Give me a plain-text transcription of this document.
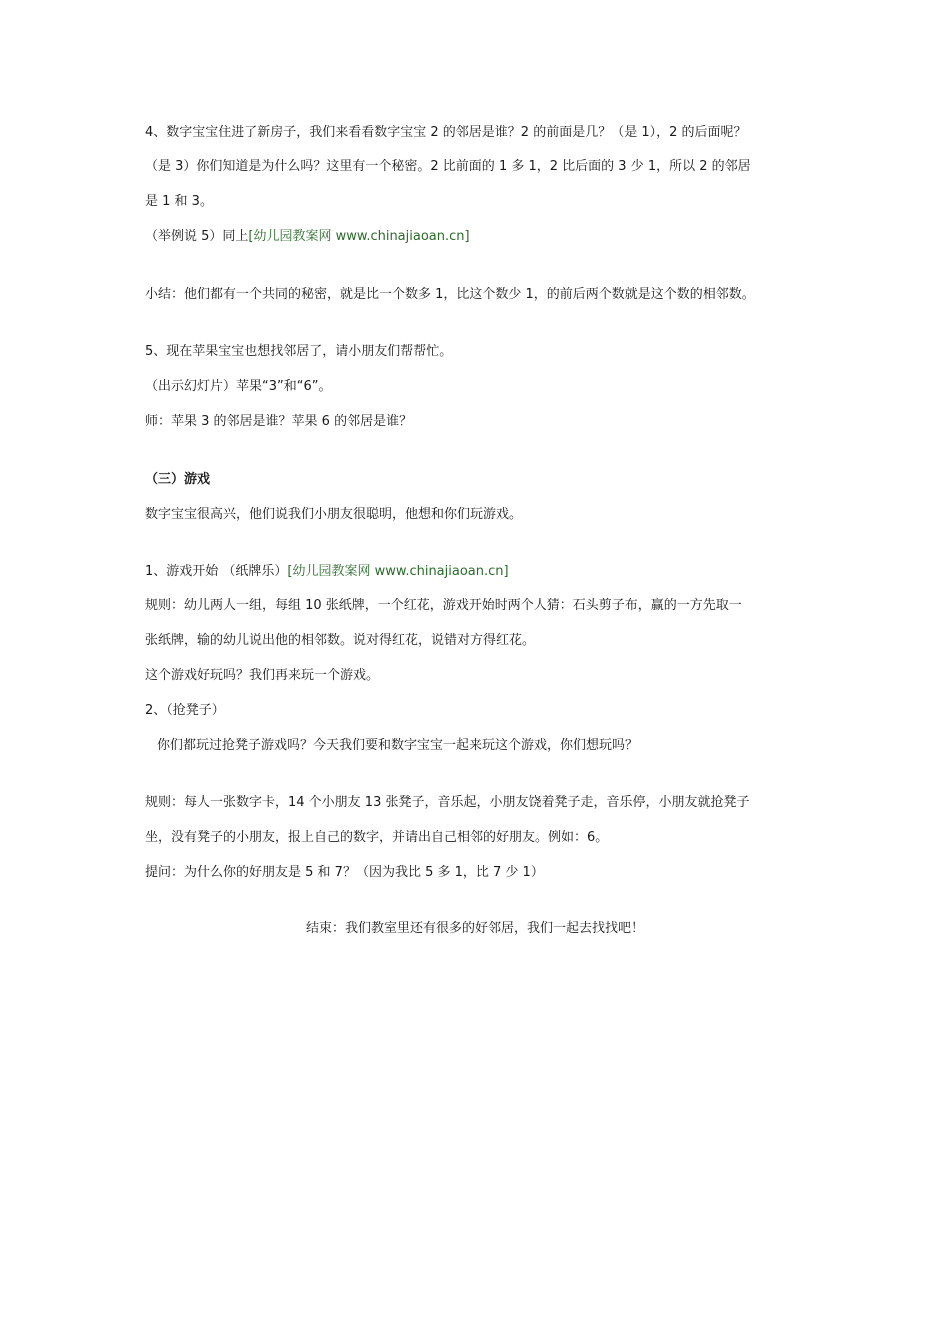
4、数字宝宝住进了新房子，我们来看看数字宝宝 2 的邻居是谁？2 的前面是几？（是 1），2 的后面呢？
（是 3）你们知道是为什么吗？这里有一个秘密。2 比前面的 1 多 1，2 比后面的 3 少 1，所以 2 的邻居
是 1 和 3。
（举例说 5）同上[幼儿园教案网 www.chinajiaoan.cn]
小结：他们都有一个共同的秘密，就是比一个数多 1，比这个数少 1，的前后两个数就是这个数的相邻数。
5、现在苹果宝宝也想找邻居了，请小朋友们帮帮忙。
（出示幻灯片）苹果“3”和“6”。
师：苹果 3 的邻居是谁？苹果 6 的邻居是谁？
（三）游戏
数字宝宝很高兴，他们说我们小朋友很聪明，他想和你们玩游戏。
1、游戏开始 （纸牌乐）[幼儿园教案网 www.chinajiaoan.cn]
规则：幼儿两人一组，每组 10 张纸牌，一个红花，游戏开始时两个人猜：石头剪子布，赢的一方先取一
张纸牌，输的幼儿说出他的相邻数。说对得红花，说错对方得红花。
这个游戏好玩吗？我们再来玩一个游戏。
2、（抢凳子）
你们都玩过抢凳子游戏吗？今天我们要和数字宝宝一起来玩这个游戏，你们想玩吗？
规则：每人一张数字卡，14 个小朋友 13 张凳子，音乐起，小朋友饶着凳子走，音乐停，小朋友就抢凳子
坐，没有凳子的小朋友，报上自己的数字，并请出自己相邻的好朋友。例如：6。
提问：为什么你的好朋友是 5 和 7？（因为我比 5 多 1，比 7 少 1）
结束：我们教室里还有很多的好邻居，我们一起去找找吧！
